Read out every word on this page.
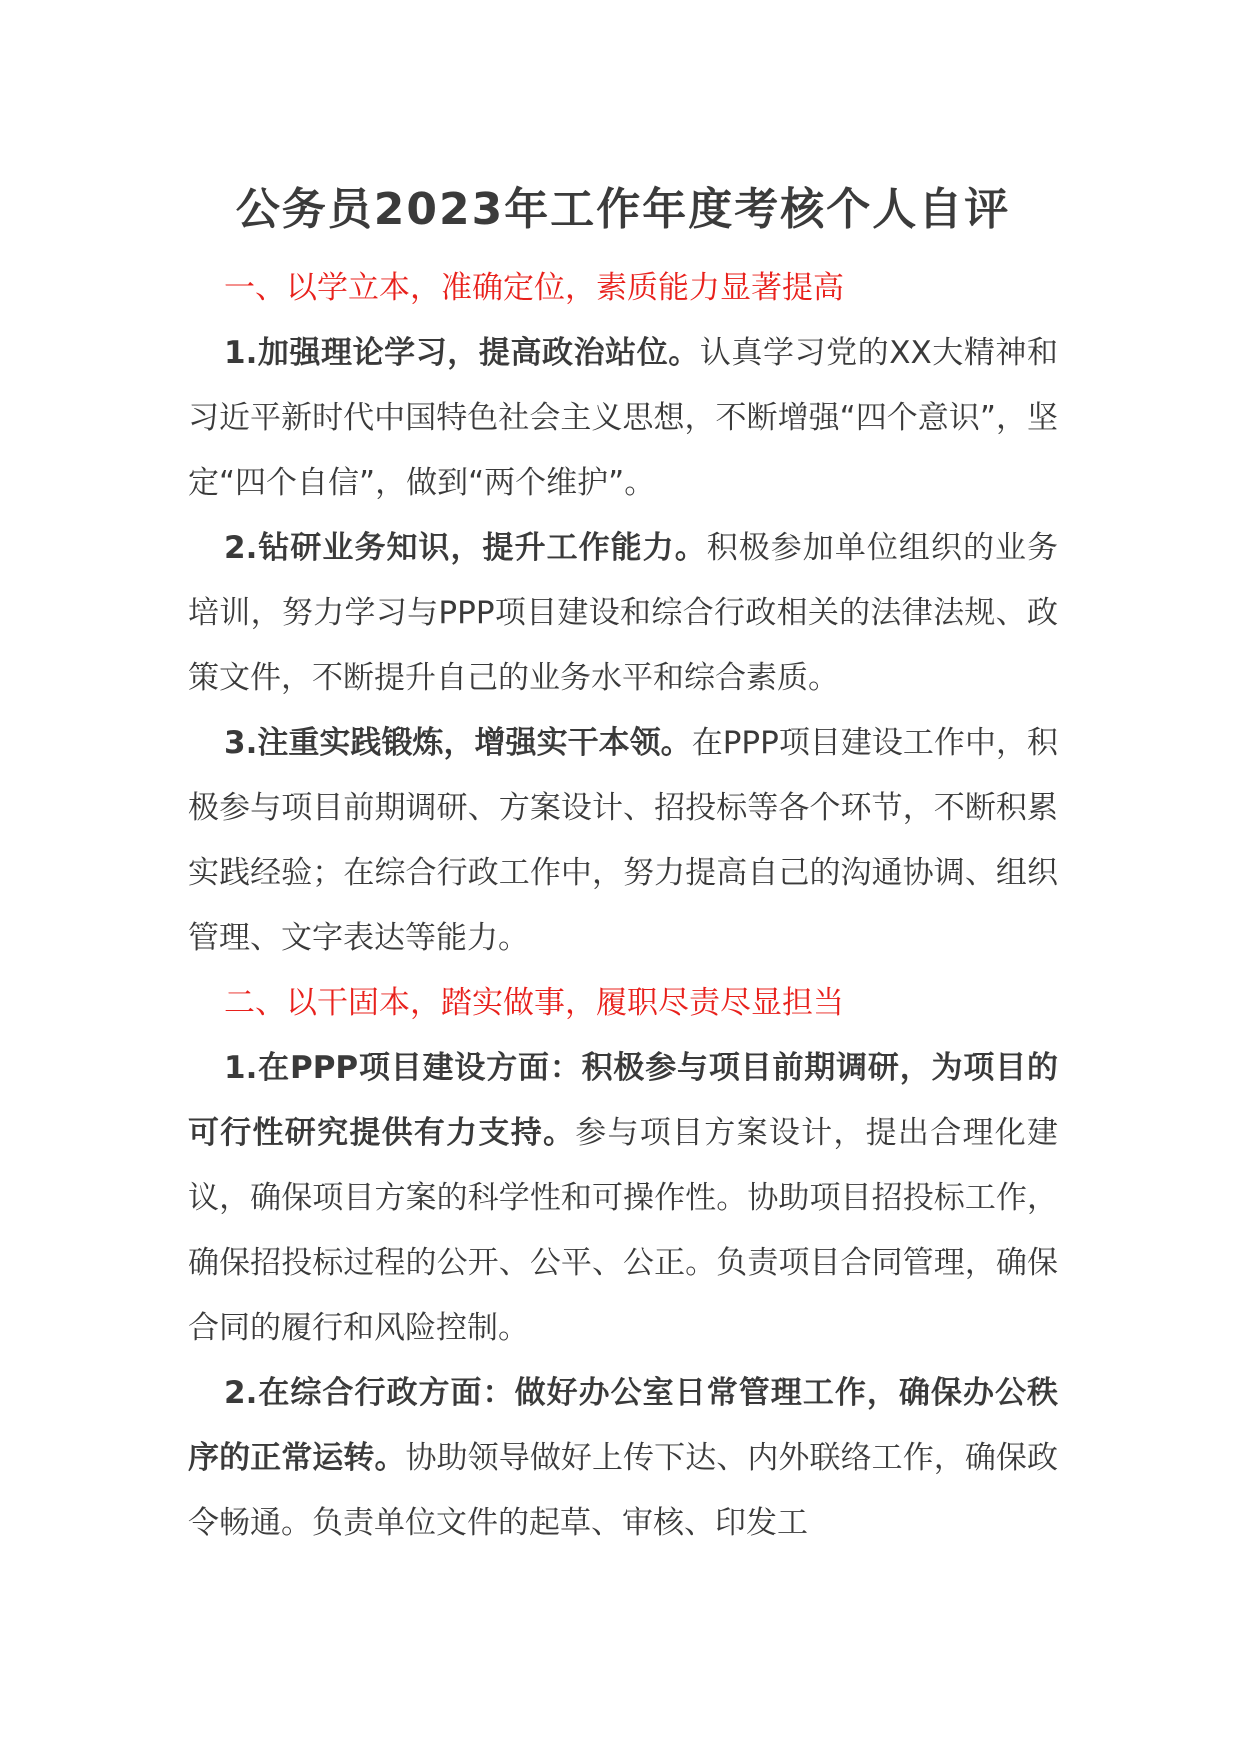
公务员2023年工作年度考核个人自评

一、以学立本，准确定位，素质能力显著提高

1.加强理论学习，提高政治站位。认真学习党的XX大精神和习近平新时代中国特色社会主义思想，不断增强“四个意识”，坚定“四个自信”，做到“两个维护”。

2.钻研业务知识，提升工作能力。积极参加单位组织的业务培训，努力学习与PPP项目建设和综合行政相关的法律法规、政策文件，不断提升自己的业务水平和综合素质。

3.注重实践锻炼，增强实干本领。在PPP项目建设工作中，积极参与项目前期调研、方案设计、招投标等各个环节，不断积累实践经验；在综合行政工作中，努力提高自己的沟通协调、组织管理、文字表达等能力。

二、以干固本，踏实做事，履职尽责尽显担当

1.在PPP项目建设方面：积极参与项目前期调研，为项目的可行性研究提供有力支持。参与项目方案设计，提出合理化建议，确保项目方案的科学性和可操作性。协助项目招投标工作，确保招投标过程的公开、公平、公正。负责项目合同管理，确保合同的履行和风险控制。

2.在综合行政方面：做好办公室日常管理工作，确保办公秩序的正常运转。协助领导做好上传下达、内外联络工作，确保政令畅通。负责单位文件的起草、审核、印发工
